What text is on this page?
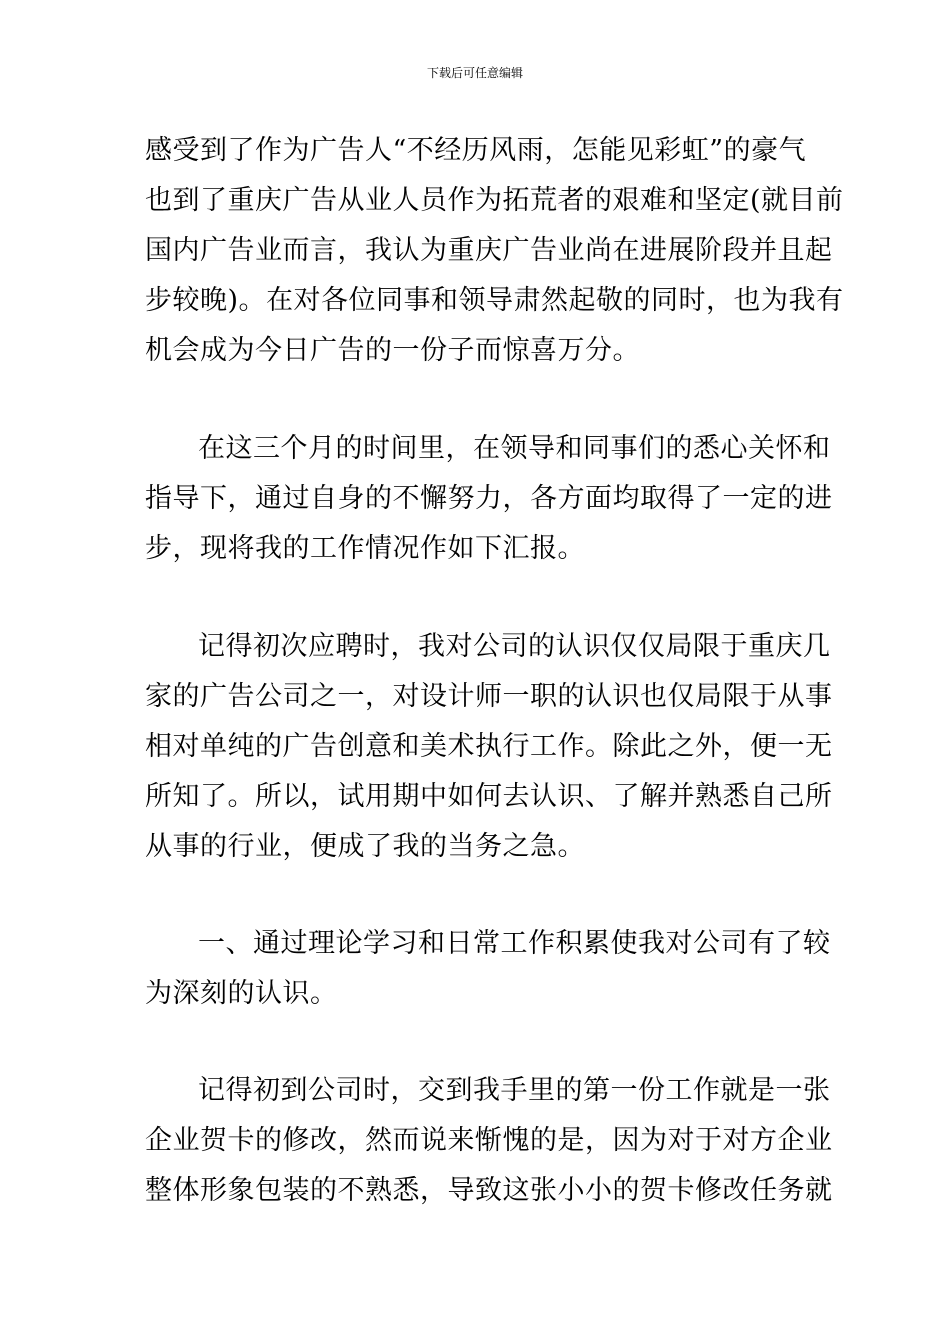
下载后可任意编辑
感受到了作为广告人“不经历风雨，怎能见彩虹”的豪气
也到了重庆广告从业人员作为拓荒者的艰难和坚定(就目前
国内广告业而言，我认为重庆广告业尚在进展阶段并且起
步较晚)。在对各位同事和领导肃然起敬的同时，也为我有
机会成为今日广告的一份子而惊喜万分。
在这三个月的时间里，在领导和同事们的悉心关怀和
指导下，通过自身的不懈努力，各方面均取得了一定的进
步，现将我的工作情况作如下汇报。
记得初次应聘时，我对公司的认识仅仅局限于重庆几
家的广告公司之一，对设计师一职的认识也仅局限于从事
相对单纯的广告创意和美术执行工作。除此之外，便一无
所知了。所以，试用期中如何去认识、了解并熟悉自己所
从事的行业，便成了我的当务之急。
一、通过理论学习和日常工作积累使我对公司有了较
为深刻的认识。
记得初到公司时，交到我手里的第一份工作就是一张
企业贺卡的修改，然而说来惭愧的是，因为对于对方企业
整体形象包装的不熟悉，导致这张小小的贺卡修改任务就
